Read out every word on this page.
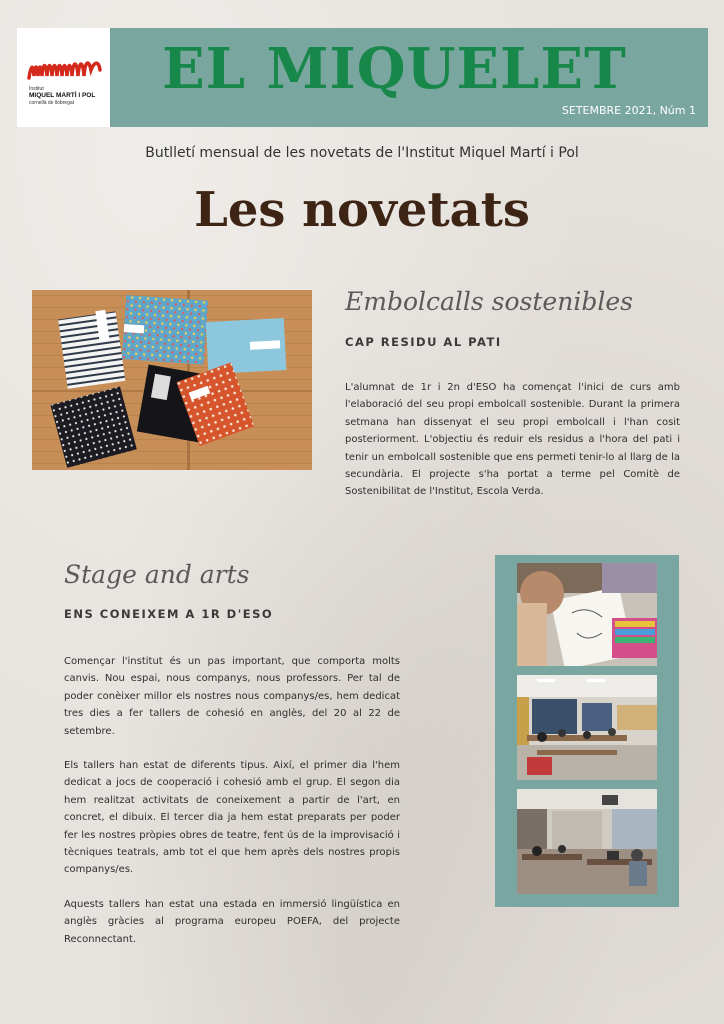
Institut
MIQUEL MARTÍ I POL
cornellà de llobregat
EL MIQUELET
SETEMBRE 2021, Núm 1
Butlletí mensual de les novetats de l'Institut Miquel Martí i Pol
Les novetats
Embolcalls sostenibles
CAP RESIDU AL PATI

L'alumnat de 1r i 2n d'ESO ha començat l'inici de curs amb l'elaboració del seu propi embolcall sostenible. Durant la primera setmana han dissenyat el seu propi embolcall i l'han cosit posteriorment. L'objectiu és reduir els residus a l'hora del pati i tenir un embolcall sostenible que ens permeti tenir-lo al llarg de la secundària. El projecte s'ha portat a terme pel Comitè de Sostenibilitat de l'Institut, Escola Verda.

Stage and arts
ENS CONEIXEM A 1R D'ESO

Començar l'institut és un pas important, que comporta molts canvis. Nou espai, nous companys, nous professors. Per tal de poder conèixer millor els nostres nous companys/es, hem dedicat tres dies a fer tallers de cohesió en anglès, del 20 al 22 de setembre.

Els tallers han estat de diferents tipus. Així, el primer dia l'hem dedicat a jocs de cooperació i cohesió amb el grup. El segon dia hem realitzat activitats de coneixement a partir de l'art, en concret, el dibuix. El tercer dia ja hem estat preparats per poder fer les nostres pròpies obres de teatre, fent ús de la improvisació i tècniques teatrals, amb tot el que hem après dels nostres propis companys/es.

Aquests tallers han estat una estada en immersió lingüística en anglès gràcies al programa europeu POEFA, del projecte Reconnectant.
